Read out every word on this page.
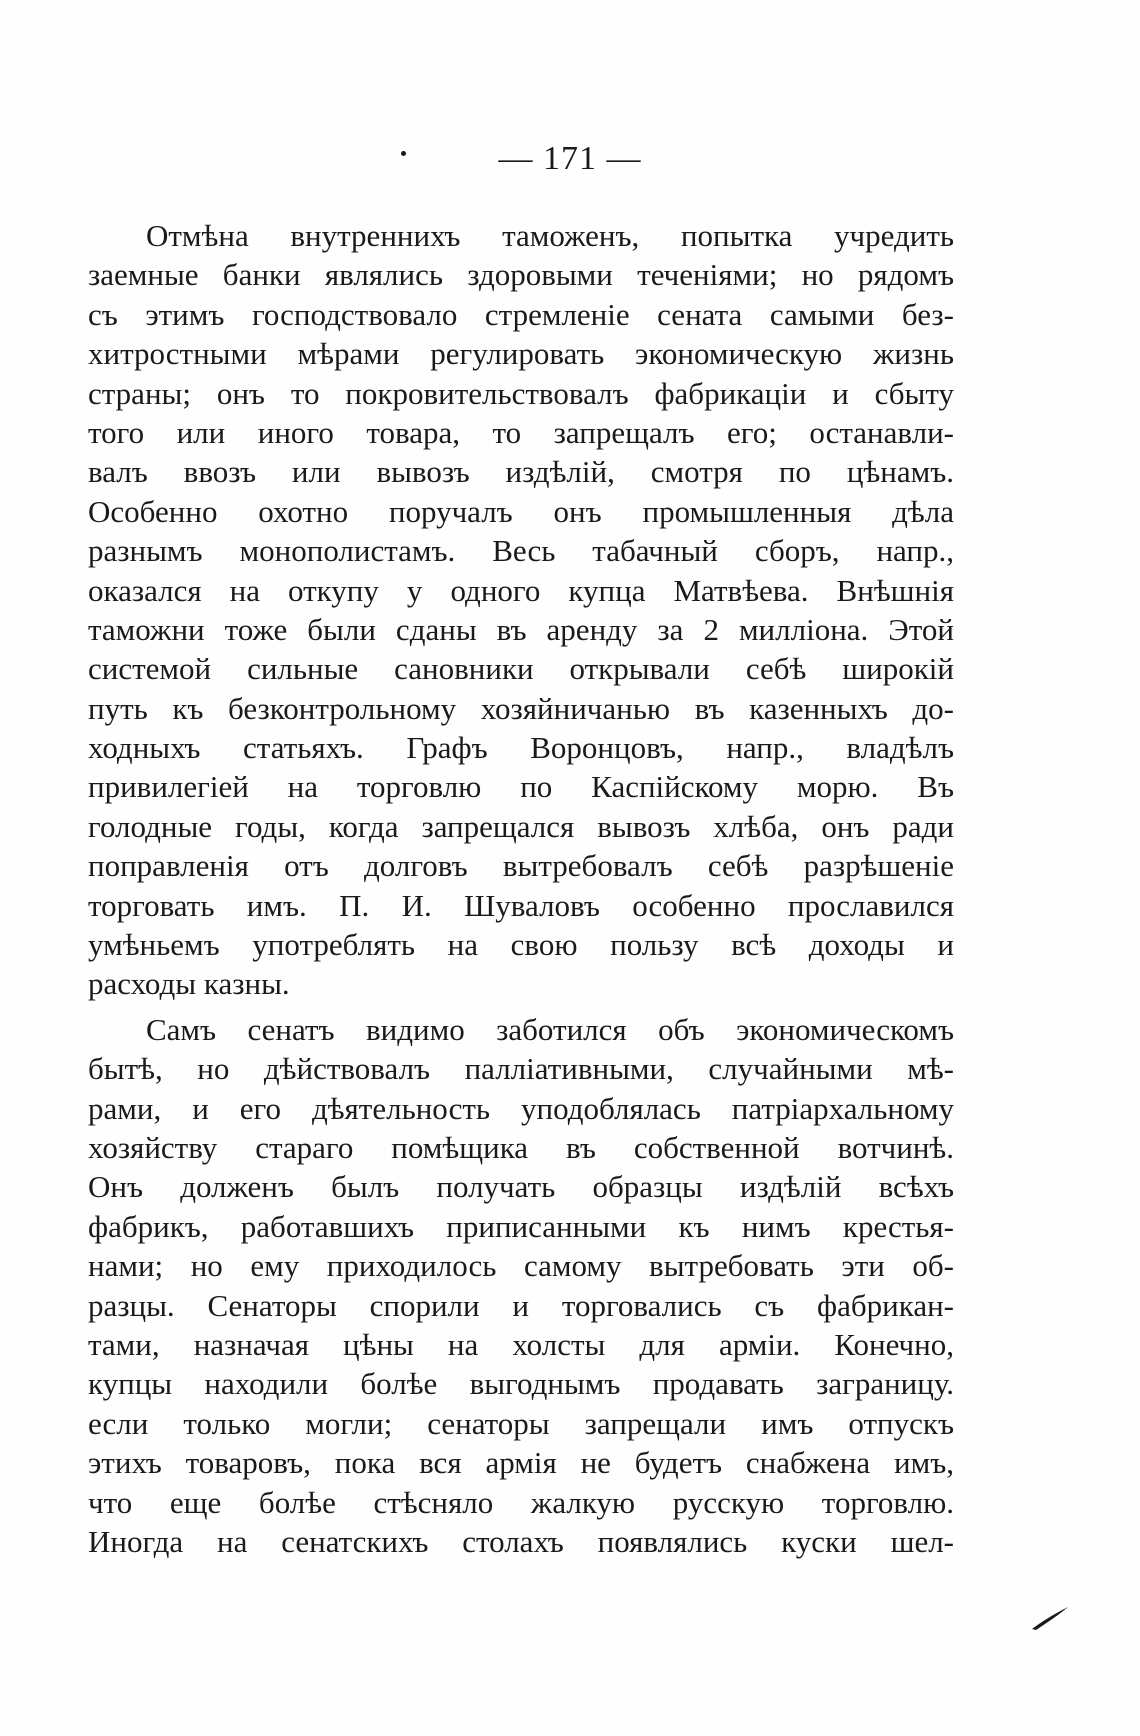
— 171 —
Отмѣна внутреннихъ таможенъ, попытка учредить
заемные банки являлись здоровыми теченіями; но рядомъ
съ этимъ господствовало стремленіе сената самыми без-
хитростными мѣрами регулировать экономическую жизнь
страны; онъ то покровительствовалъ фабрикаціи и сбыту
того или иного товара, то запрещалъ его; останавли-
валъ ввозъ или вывозъ издѣлій, смотря по цѣнамъ.
Особенно охотно поручалъ онъ промышленныя дѣла
разнымъ монополистамъ. Весь табачный сборъ, напр.,
оказался на откупу у одного купца Матвѣева. Внѣшнія
таможни тоже были сданы въ аренду за 2 милліона. Этой
системой сильные сановники открывали себѣ широкій
путь къ безконтрольному хозяйничанью въ казенныхъ до-
ходныхъ статьяхъ. Графъ Воронцовъ, напр., владѣлъ
привилегіей на торговлю по Каспійскому морю. Въ
голодные годы, когда запрещался вывозъ хлѣба, онъ ради
поправленія отъ долговъ вытребовалъ себѣ разрѣшеніе
торговать имъ. П. И. Шуваловъ особенно прославился
умѣньемъ употреблять на свою пользу всѣ доходы и
расходы казны.
Самъ сенатъ видимо заботился объ экономическомъ
бытѣ, но дѣйствовалъ палліативными, случайными мѣ-
рами, и его дѣятельность уподоблялась патріархальному
хозяйству стараго помѣщика въ собственной вотчинѣ.
Онъ долженъ былъ получать образцы издѣлій всѣхъ
фабрикъ, работавшихъ приписанными къ нимъ крестья-
нами; но ему приходилось самому вытребовать эти об-
разцы. Сенаторы спорили и торговались съ фабрикан-
тами, назначая цѣны на холсты для арміи. Конечно,
купцы находили болѣе выгоднымъ продавать заграницу.
если только могли; сенаторы запрещали имъ отпускъ
этихъ товаровъ, пока вся армія не будетъ снабжена имъ,
что еще болѣе стѣсняло жалкую русскую торговлю.
Иногда на сенатскихъ столахъ появлялись куски шел-
